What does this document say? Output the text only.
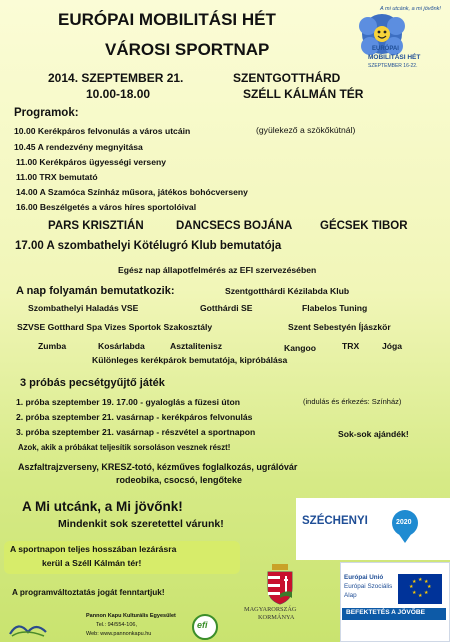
EURÓPAI MOBILITÁSI HÉT

VÁROSI SPORTNAP

2014. SZEPTEMBER 21.

10.00-18.00

SZENTGOTTHÁRD

SZÉLL KÁLMÁN TÉR

A mi utcánk, a mi jövőnk!
EURÓPAI
MOBILITÁSI HÉT
SZEPTEMBER 16-22.

Programok:

10.00 Kerékpáros felvonulás a város utcáin	(gyülekező a szökőkútnál)

10.45 A rendezvény megnyitása

11.00 Kerékpáros ügyességi verseny

11.00 TRX bemutató

14.00 A Szamóca Színház műsora, játékos bohócverseny

16.00 Beszélgetés a város híres sportolóival

PARS KRISZTIÁN	DANCSECS BOJÁNA GÉCSEK TIBOR

17.00 A szombathelyi Kötélugró Klub bemutatója

Egész nap állapotfelmérés az EFI szervezésében

A nap folyamán bemutatkozik:	Szentgotthárdi Kézilabda Klub

Szombathelyi Haladás VSE	Gotthárdi SE	Flabelos Tuning

SZVSE Gotthard Spa Vizes Sportok Szakosztály	Szent Sebestyén Íjászkör

Zumba	Kosárlabda	Asztalitenisz	Kangoo	TRX	Jóga

Különleges kerékpárok bemutatója, kipróbálása

3 próbás pecsétgyűjtő játék

1. próba szeptember 19. 17.00 - gyaloglás a füzesi úton	(indulás és érkezés: Színház)

2. próba szeptember 21. vasárnap - kerékpáros felvonulás

3. próba szeptember 21. vasárnap - részvétel a sportnapon	Sok-sok ajándék!

Azok, akik a próbákat teljesítik sorsoláson vesznek részt!

Aszfaltrajzverseny, KRESZ-totó, kézműves foglalkozás, ugrálóvár

rodeobika, csocsó, lengőteke

A Mi utcánk, a Mi jövőnk!

Mindenkit sok szeretettel várunk!

A sportnapon teljes hosszában lezárásra

kerül a Széll Kálmán tér!

A programváltoztatás jogát fenntartjuk!

Pannon Kapu Kulturális Egyesület

Tel.: 94/554-106,

Web: www.pannonkapu.hu

efi

SZÉCHENYI	2020

MAGYARORSZÁG

KORMÁNYA

Európai Unió

Európai Szociális

Alap

★ ★
★
★
★
★
★
★

BEFEKTETÉS A JÖVŐBE
